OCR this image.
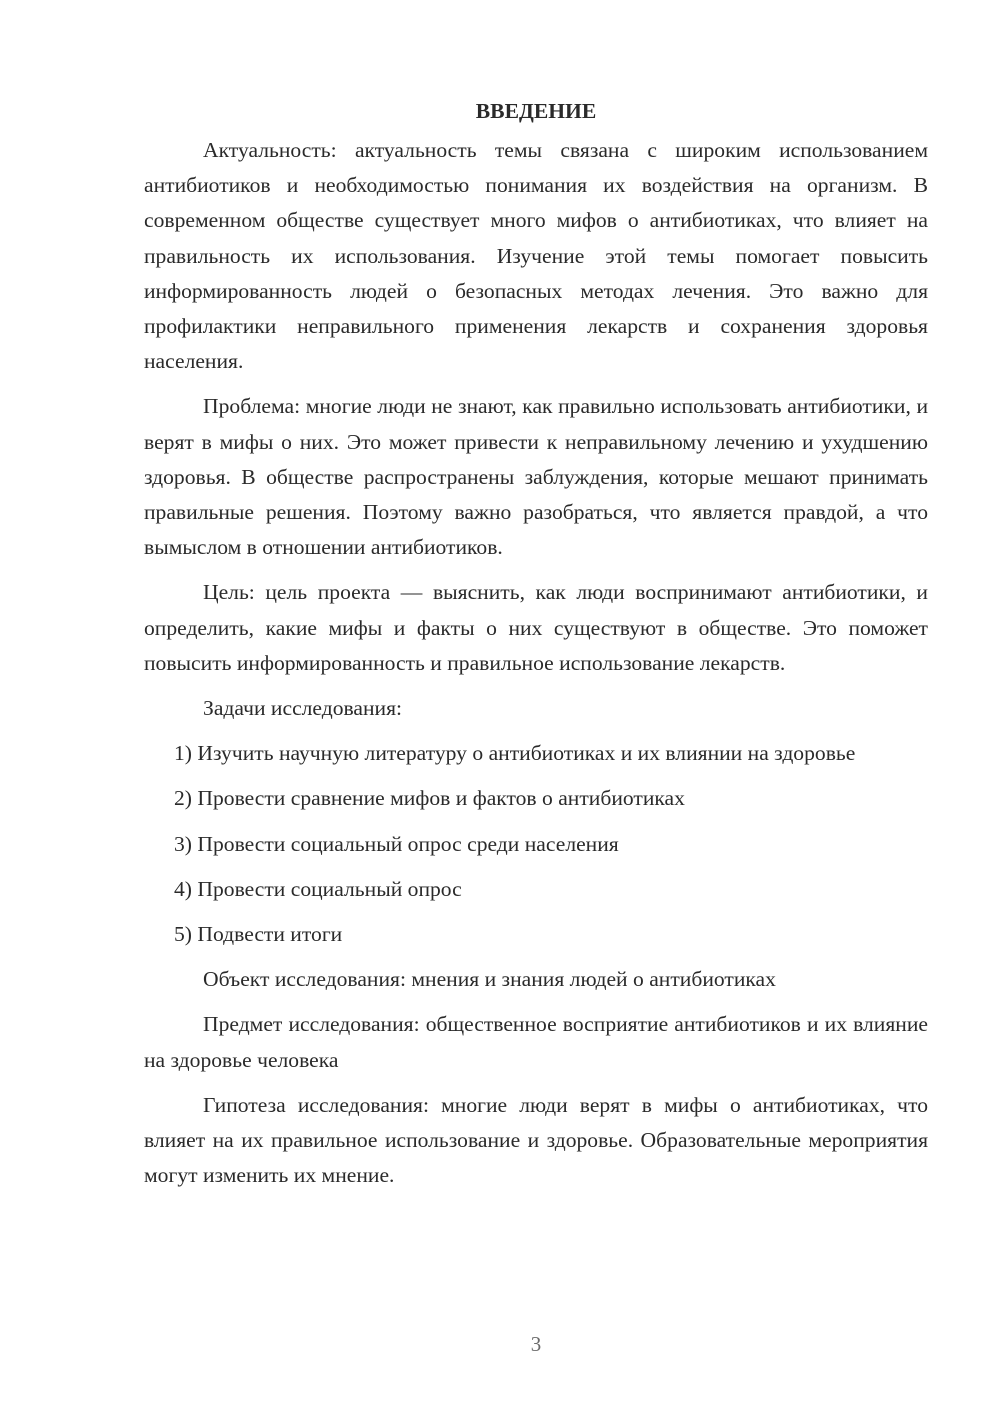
ВВЕДЕНИЕ

Актуальность: актуальность темы связана с широким использованием антибиотиков и необходимостью понимания их воздействия на организм. В современном обществе существует много мифов о антибиотиках, что влияет на правильность их использования. Изучение этой темы помогает повысить информированность людей о безопасных методах лечения. Это важно для профилактики неправильного применения лекарств и сохранения здоровья населения.

Проблема: многие люди не знают, как правильно использовать антибиотики, и верят в мифы о них. Это может привести к неправильному лечению и ухудшению здоровья. В обществе распространены заблуждения, которые мешают принимать правильные решения. Поэтому важно разобраться, что является правдой, а что вымыслом в отношении антибиотиков.

Цель: цель проекта — выяснить, как люди воспринимают антибиотики, и определить, какие мифы и факты о них существуют в обществе. Это поможет повысить информированность и правильное использование лекарств.

Задачи исследования:

1) Изучить научную литературу о антибиотиках и их влиянии на здоровье

2) Провести сравнение мифов и фактов о антибиотиках

3) Провести социальный опрос среди населения

4) Провести социальный опрос

5) Подвести итоги

Объект исследования: мнения и знания людей о антибиотиках

Предмет исследования: общественное восприятие антибиотиков и их влияние на здоровье человека

Гипотеза исследования: многие люди верят в мифы о антибиотиках, что влияет на их правильное использование и здоровье. Образовательные мероприятия могут изменить их мнение.

3
